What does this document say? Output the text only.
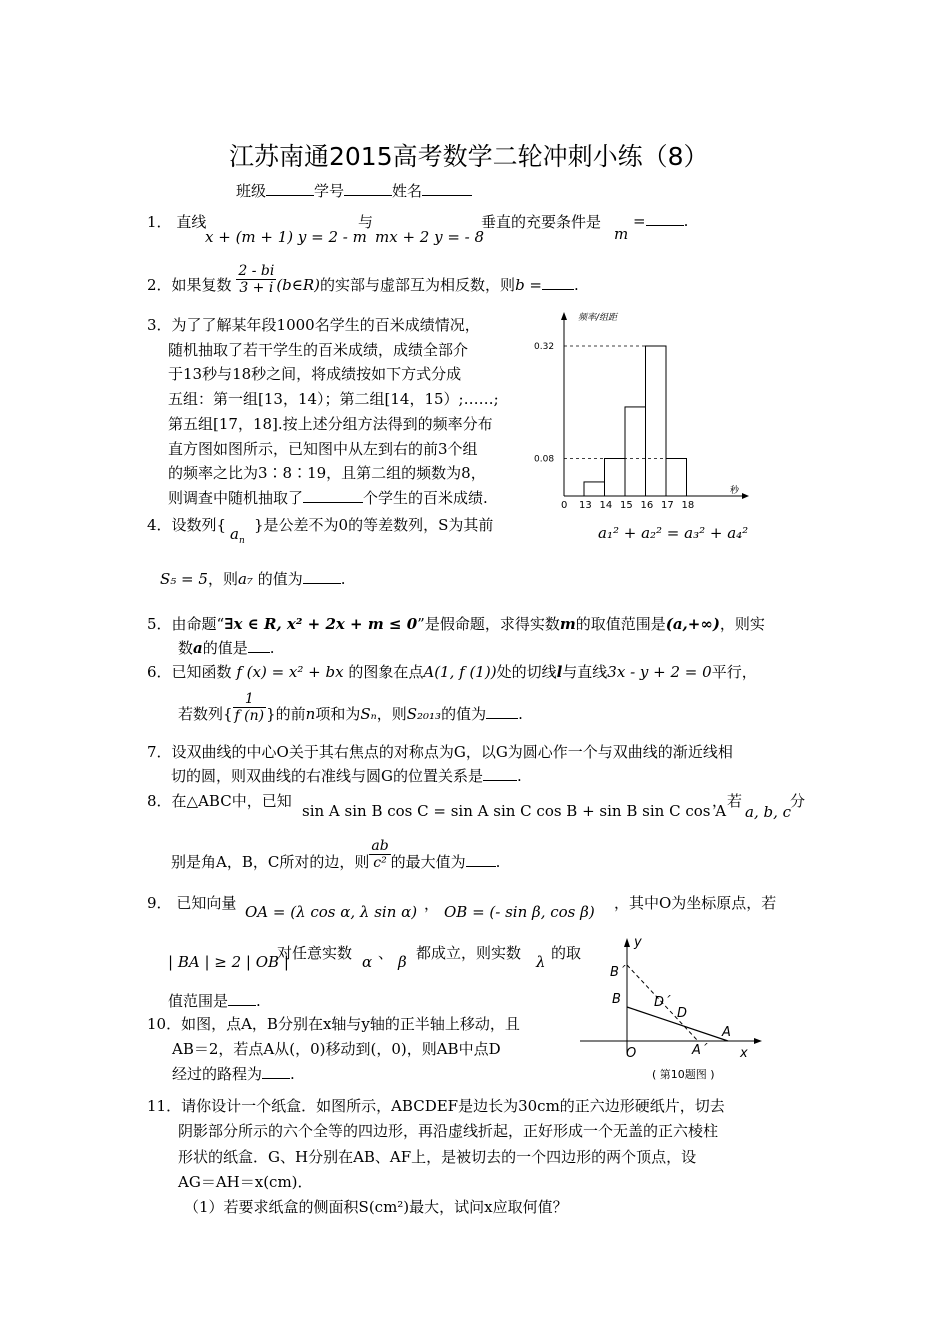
江苏南通2015高考数学二轮冲刺小练（8）
班级	学号	姓名
1． 直线
x + (m + 1) y = 2 - m
与
mx + 2 y = - 8
垂直的充要条件是
m
=	.
2．如果复数 $\frac{2 - bi}{3 + i}$ (b∈R)的实部与虚部互为相反数，则b = .
3．为了了解某年段1000名学生的百米成绩情况，
随机抽取了若干学生的百米成绩，成绩全部介
于13秒与18秒之间，将成绩按如下方式分成
五组：第一组[13，14）；第二组[14，15）;……;
第五组[17，18].按上述分组方法得到的频率分布
直方图如图所示，已知图中从左到右的前3个组
的频率之比为3∶8∶19，且第二组的频数为8，
则调查中随机抽取了	个学生的百米成绩.
0.32
0.08
0 13 14 15 16 17 18
频率/组距
秒
4．设数列{ $a_n$
}是公差不为0的等差数列，S为其前	a₁² + a₂² = a₃² + a₄²
S₅ = 5，则a₇ 的值为	.
5．由命题“∃x ∈ R, x² + 2x + m ≤ 0”是假命题，求得实数m的取值范围是(a,+∞)，则实
数a的值是 .
6．已知函数 f (x) = x² + bx 的图象在点A(1, f (1))处的切线l与直线3x - y + 2 = 0平行，
若数列{ $\frac{1}{f (n)}$ }的前n项和为Sₙ，则S₂₀₁₃的值为 .
7．设双曲线的中心O关于其右焦点的对称点为G，以G为圆心作一个与双曲线的渐近线相
切的圆，则双曲线的右准线与圆G的位置关系是 .
8．在△ABC中，已知
sin A sin B cos C = sin A sin C cos B + sin B sin C cos A
，若
a, b, c
分
别是角A，B，C所对的边，则 $\frac{ab}{\text{c²}}$ 的最大值为 .
9． 已知向量 OA = (λ cos α, λ sin α) ， OB = (- sin β, cos β) ，其中O为坐标原点，若
| BA | ≥ 2 | OB |
对任意实数 α 、 β 都成立，则实数 λ 的取
值范围是 .
10．如图，点A，B分别在x轴与y轴的正半轴上移动，且
AB＝2，若点A从(，0)移动到(，0)，则AB中点D
经过的路程为 .
y
x
O
A
A´
B
B´
D
D´
( 第10题图 )
11．请你设计一个纸盒．如图所示，ABCDEF是边长为30cm的正六边形硬纸片，切去
阴影部分所示的六个全等的四边形，再沿虚线折起，正好形成一个无盖的正六棱柱
形状的纸盒．G、H分别在AB、AF上，是被切去的一个四边形的两个顶点，设
AG＝AH＝x(cm)．
（1）若要求纸盒的侧面积S(cm²)最大，试问x应取何值？
